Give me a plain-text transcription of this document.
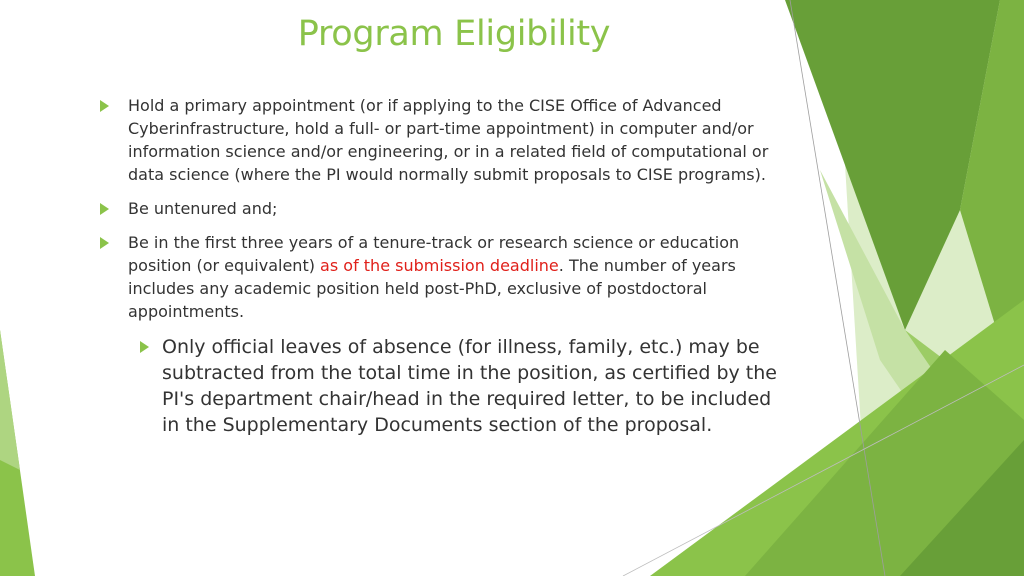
Program Eligibility
Hold a primary appointment (or if applying to the CISE Office of Advanced Cyberinfrastructure, hold a full- or part-time appointment) in computer and/or information science and/or engineering, or in a related field of computational or data science (where the PI would normally submit proposals to CISE programs).
Be untenured and;
Be in the first three years of a tenure-track or research science or education position (or equivalent) as of the submission deadline. The number of years includes any academic position held post-PhD, exclusive of postdoctoral appointments.
Only official leaves of absence (for illness, family, etc.) may be subtracted from the total time in the position, as certified by the PI's department chair/head in the required letter, to be included in the Supplementary Documents section of the proposal.
